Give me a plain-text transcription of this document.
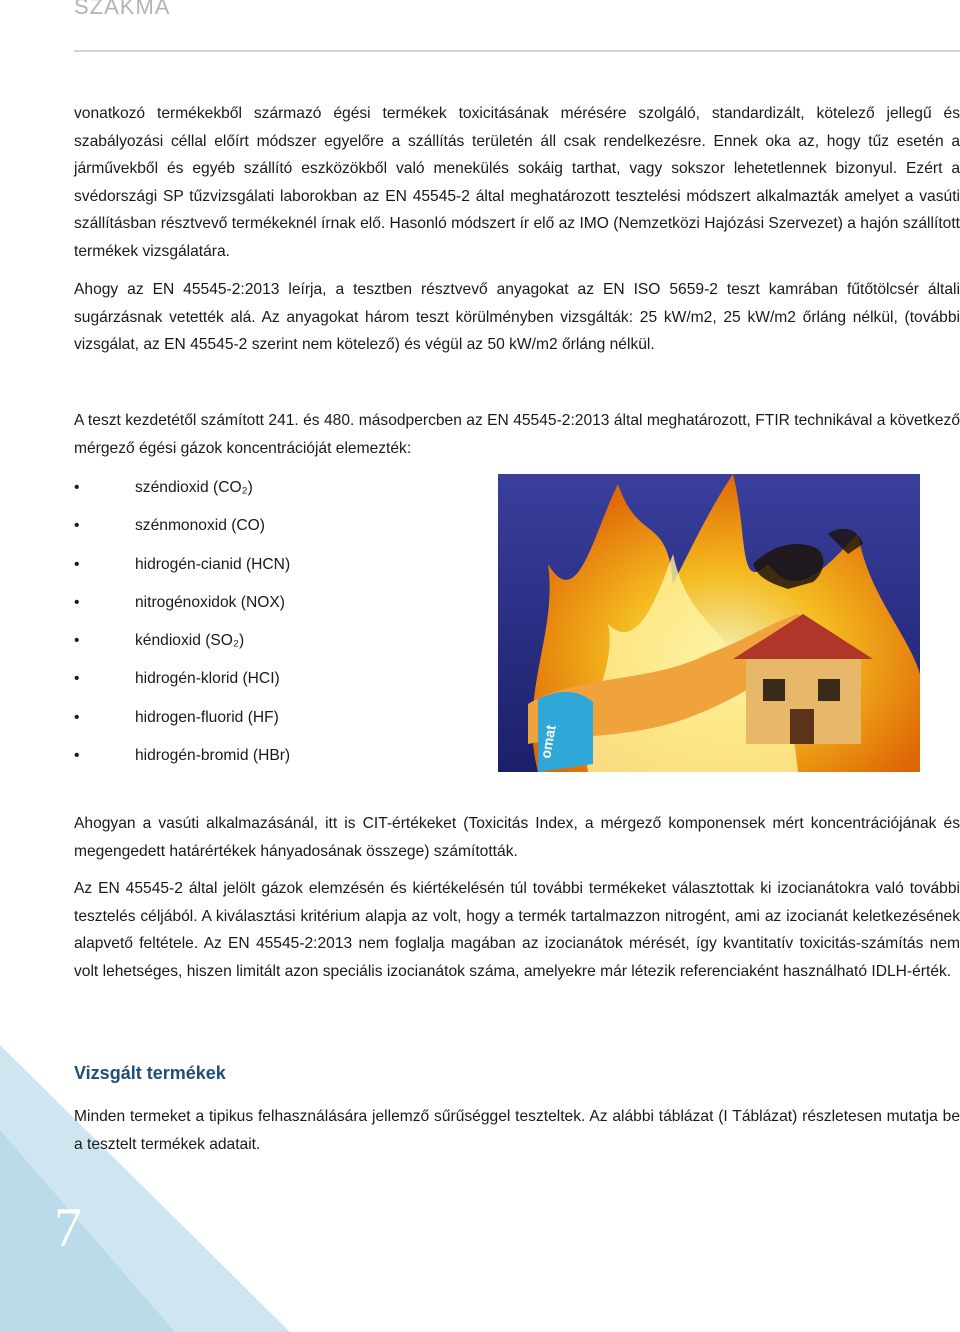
SZAKMA

vonatkozó termékekből származó égési termékek toxicitásának mérésére szolgáló, standardizált, kötelező jellegű és szabályozási céllal előírt módszer egyelőre a szállítás területén áll csak rendelkezésre. Ennek oka az, hogy tűz esetén a járművekből és egyéb szállító eszközökből való menekülés sokáig tarthat, vagy sokszor lehetetlennek bizonyul. Ezért a svédországi SP tűzvizsgálati laborokban az EN 45545-2 által meghatározott tesztelési módszert alkalmazták amelyet a vasúti szállításban résztvevő termékeknél írnak elő. Hasonló módszert ír elő az IMO (Nemzetközi Hajózási Szervezet) a hajón szállított termékek vizsgálatára.

Ahogy az EN 45545-2:2013 leírja, a tesztben résztvevő anyagokat az EN ISO 5659-2 teszt kamrában fűtőtölcsér általi sugárzásnak vetették alá. Az anyagokat három teszt körülményben vizsgálták: 25 kW/m2, 25 kW/m2 őrláng nélkül, (további vizsgálat, az EN 45545-2 szerint nem kötelező) és végül az 50 kW/m2 őrláng nélkül.

A teszt kezdetétől számított 241. és 480. másodpercben az EN 45545-2:2013 által meghatározott, FTIR technikával a következő mérgező égési gázok koncentrációját elemezték:

•	széndioxid (CO₂)
•	szénmonoxid (CO)
•	hidrogén-cianid (HCN)
•	nitrogénoxidok (NOX)
•	kéndioxid (SO₂)
•	hidrogén-klorid (HCI)
•	hidrogen-fluorid (HF)
•	hidrogén-bromid (HBr)	omat

Ahogyan a vasúti alkalmazásánál, itt is CIT-értékeket (Toxicitás Index, a mérgező komponensek mért koncentrációjának és megengedett határértékek hányadosának összege) számították.

Az EN 45545-2 által jelölt gázok elemzésén és kiértékelésén túl további termékeket választottak ki izocianátokra való további tesztelés céljából. A kiválasztási kritérium alapja az volt, hogy a termék tartalmazzon nitrogént, ami az izocianát keletkezésének alapvető feltétele. Az EN 45545-2:2013 nem foglalja magában az izocianátok mérését, így kvantitatív toxicitás-számítás nem volt lehetséges, hiszen limitált azon speciális izocianátok száma, amelyekre már létezik referenciaként használható IDLH-érték.

Vizsgált termékek

Minden termeket a tipikus felhasználására jellemző sűrűséggel teszteltek. Az alábbi táblázat (I Táblázat) részletesen mutatja be a tesztelt termékek adatait.

7
